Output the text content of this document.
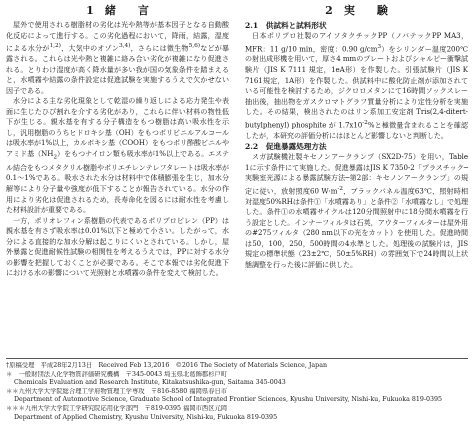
1　緒　　言

屋外で使用される樹脂材の劣化は光や熱等が基本因子となる自動酸化反応によって進行する。この劣化過程において，降雨，結露，湿度による水分が$^{1,2)}$，大気中のオゾン$^{3,4)}$，さらには微生物$^{5,6)}$などが暴露される。これらは光や熱と複雑に絡み合い劣化が複雑になり促進される。とりわけ湿度が高く降水量が多い我が国の気象条件を踏まえると，水噴霧や結露の条件設定は促進試験を実施するうえで欠かせない因子である。

水分による主な劣化現象として乾湿の繰り返しによる応力発生や表面に生じたひび割れを介する劣化があり，これらに伴い材料の物性低下が生じる。親水基を有する分子構造をもつ樹脂は高い吸水性を示し，汎用樹脂のうちヒドロキシ基（OH）をもつポリビニルアルコールは吸水率が1%以上，カルボキシ基（COOH）をもつポリ酢酸ビニルやアミド基$(NH_2)$をもつナイロン類も吸水率が1%以上である。エステル結合をもつメタクリル樹脂やポリエチレンテレフタレートは吸水率が0.1〜1%である。吸水された水分は材料中で体積膨張を生じ，加水分解等により分子量や強度が低下することが報告されている。水分の作用により劣化は促進されるため，長寿命化を図るには耐水性を考慮した材料設計が重要である。

一方，ポリオレフィン系樹脂の代表であるポリプロピレン（PP）は親水基を有さず吸水率は0.01%以下と極めて小さい。したがって，水分による直接的な加水分解は起こりにくいとされている。しかし，屋外暴露と促進耐候性試験の相関性を考えるうえでは，PPに対する水分の影響を把握しておくことが必要である。そこで本報では劣化促進下における水の影響について光照射と水噴霧の条件を変えて検討した。

2　実　　験

2.1　供試料と試料形状

日本ポリプロ社製のアイソタクチックPP（ノバテックPP MA3，MFR：11 g/10 min，密度：0.90 $g/cm^3$）をシリンダー温度200℃の射出成形機を用いて，厚さ4 mmのプレートおよびシャルピー衝撃試験片（JIS K 7111 規定，1eA形）を作製した。引張試験片（JIS K 7161規定，1A形）を作製した。供試料中に酸化防止剤が添加されている可能性を検討するため，ジクロロメタンにて16時間ソックスレー抽出後，抽出物をガスクロマトグラフ質量分析により定性分析を実施した。その結果，検出されたのはリン系加工安定剤 Tris(2,4-ditert-butylphenyl) phosphite が $1.7x10^{-2}\%$と極微量含まれることを確認したが，本研究の評価分析にはほとんど影響しないと判断した。

2.2　促進暴露処理方法

スガ試験機社製キセノンアークランプ（SX2D-75）を用い，Table 1に示す条件にて実施した。促進暴露はJIS K 7350-2「プラスチック─実験室光源による暴露試験方法─第2部：キセノンアークランプ」の規定に従い，放射照度60 $W\cdot m^{-2}$，ブラックパネル温度63℃，照射時相対湿度50%RHは条件①「水噴霧あり」と条件②「水噴霧なし」で処理した。条件①の水噴霧サイクルは120分間照射中に18分間水噴霧を行う設定とした。インナーフィルタは石英，アウターフィルターは屋外用の#275フィルタ（280 nm以下の光をカット）を使用した。促進時間は50，100，250，500時間の4水準とした。処理後の試験片は，JIS 規定の標準状態（23±2℃，50±5%RH）の雰囲気下で24時間以上状態調整を行った後に評価に供した。

†原稿受理　平成28年2月13日　Received Feb 13,2016　©2016 The Society of Materials Science, Japan

＊　一般財団法人化学物質評価研究機構　〒345-0043 埼玉県北葛飾郡杉戸町

Chemicals Evaluation and Research Institute, Kitakatsushika-gun, Saitama 345-0043

＊＊九州大学大学院総合理工学府物質理工学専攻　〒816-8580 福岡県春日市

Department of Automotive Science, Graduate School of Integrated Frontier Sciences, Kyushu University, Nishi-ku, Fukuoka 819-0395

＊＊＊九州大学大学院工学研究院応用化学部門　〒819-0395 福岡市西区元岡

Department of Applied Chemistry, Kyushu University, Nishi-ku, Fukuoka 819-0395
